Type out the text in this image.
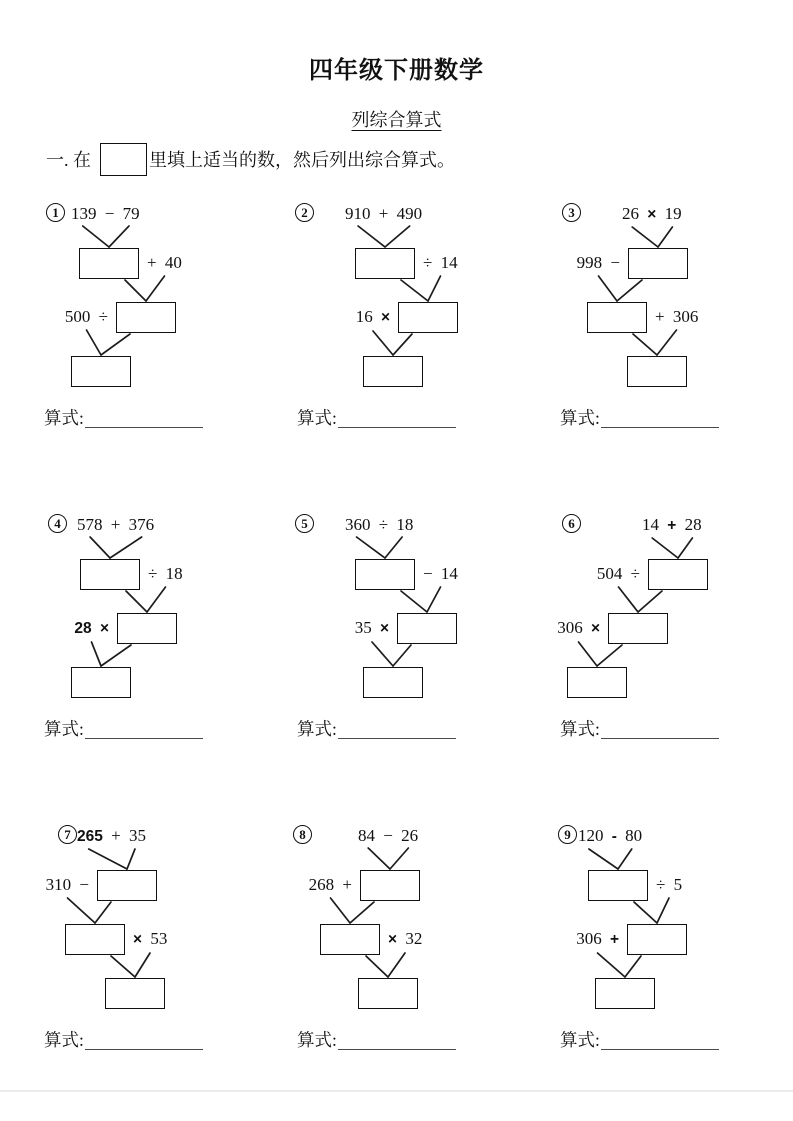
四年级下册数学
列综合算式
一. 在	里填上适当的数，然后列出综合算式。
1 139 − 79
+ 40
500 ÷
算式:
2	910 + 490
÷ 14
16 ×
算式:
3	26 × 19
998 −
+ 306
算式:
4 578 + 376
÷ 18
28 ×
算式:
5	360 ÷ 18
− 14
35 ×
算式:
6	14 + 28
504 ÷
306 ×
算式:
7 265 + 35
310 −
× 53
算式:
8	84 − 26
268 +
× 32
算式:
9 120 - 80
÷ 5
306 +
算式:
